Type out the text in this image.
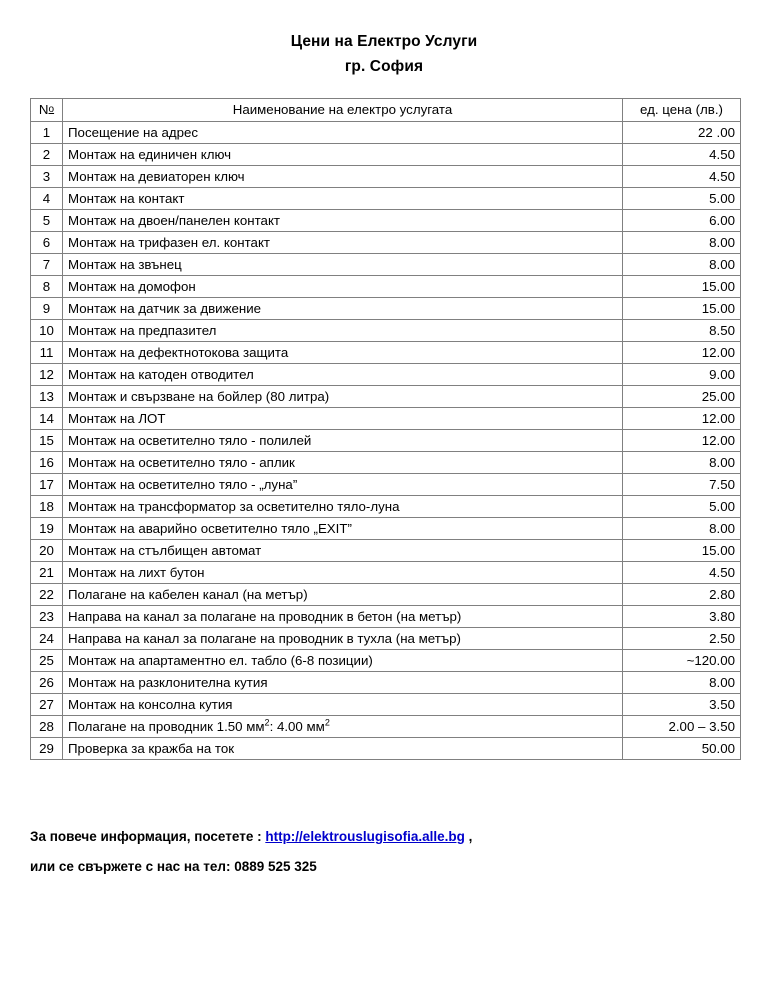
Цени на Електро Услуги
гр. София
No	Наименование на електро услугата	ед. цена (лв.)
1	Посещение на адрес	22 .00
2	Монтаж на единичен ключ	4.50
3	Монтаж на девиаторен ключ	4.50
4	Монтаж на контакт	5.00
5	Монтаж на двоен/панелен контакт	6.00
6	Монтаж на трифазен ел. контакт	8.00
7	Монтаж на звънец	8.00
8	Монтаж на домофон	15.00
9	Монтаж на датчик за движение	15.00
10	Монтаж на предпазител	8.50
11	Монтаж на дефектнотокова защита	12.00
12	Монтаж на катоден отводител	9.00
13	Монтаж и свързване на бойлер (80 литра)	25.00
14	Монтаж на ЛОТ	12.00
15	Монтаж на осветително тяло - полилей	12.00
16	Монтаж на осветително тяло - аплик	8.00
17	Монтаж на осветително тяло - „луна”	7.50
18	Монтаж на трансформатор за осветително тяло-луна	5.00
19	Монтаж на аварийно осветително тяло „EXIT”	8.00
20	Монтаж на стълбищен автомат	15.00
21	Монтаж на лихт бутон	4.50
22	Полагане на кабелен канал (на метър)	2.80
23	Направа на канал за полагане на проводник в бетон (на метър)	3.80
24	Направа на канал за полагане на проводник в тухла (на метър)	2.50
25	Монтаж на апартаментно ел. табло (6-8 позиции)	~120.00
26	Монтаж на разклонителна кутия	8.00
27	Монтаж на консолна кутия	3.50
28	Полагане на проводник 1.50 $мм^2$: 4.00 $мм^2$	2.00 – 3.50
29	Проверка за кражба на ток	50.00
За повече информация, посетете : http://elektrouslugisofia.alle.bg ,
или се свържете с нас на тел: 0889 525 325
